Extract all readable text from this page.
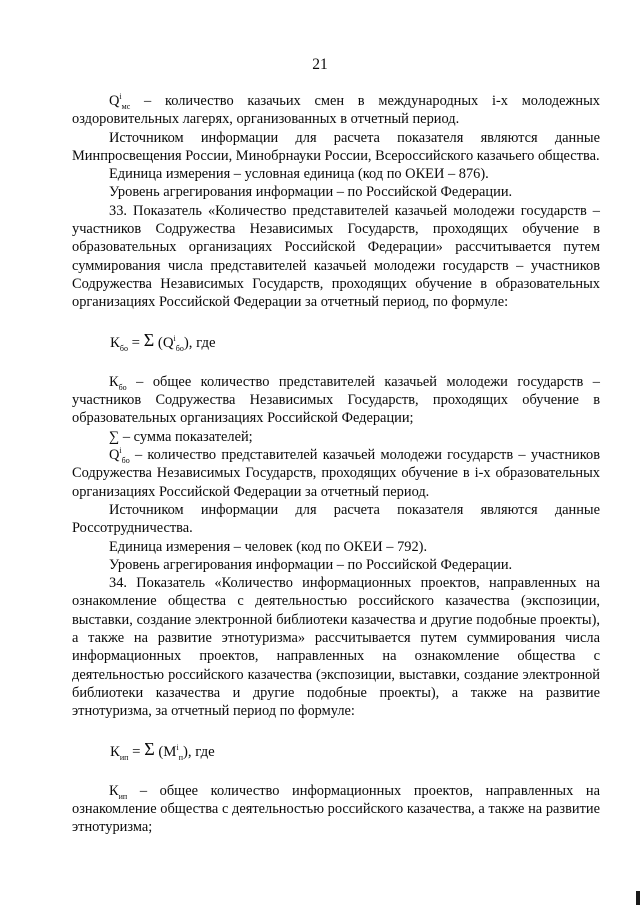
21

$Q^i_{мс}$ – количество казачьих смен в международных i-х молодежных оздоровительных лагерях, организованных в отчетный период.

Источником информации для расчета показателя являются данные Минпросвещения России, Минобрнауки России, Всероссийского казачьего общества.

Единица измерения – условная единица (код по ОКЕИ – 876).

Уровень агрегирования информации – по Российской Федерации.

33. Показатель «Количество представителей казачьей молодежи государств – участников Содружества Независимых Государств, проходящих обучение в образовательных организациях Российской Федерации» рассчитывается путем суммирования числа представителей казачьей молодежи государств – участников Содружества Независимых Государств, проходящих обучение в образовательных организациях Российской Федерации за отчетный период, по формуле:

$К_{бо} = \Sigma$ $(Q^i_{бо})$, где

$К_{бо}$ – общее количество представителей казачьей молодежи государств – участников Содружества Независимых Государств, проходящих обучение в образовательных организациях Российской Федерации;

∑ – сумма показателей;

$Q^i_{бо}$ – количество представителей казачьей молодежи государств – участников Содружества Независимых Государств, проходящих обучение в i-х образовательных организациях Российской Федерации за отчетный период.

Источником информации для расчета показателя являются данные Россотрудничества.

Единица измерения – человек (код по ОКЕИ – 792).

Уровень агрегирования информации – по Российской Федерации.

34. Показатель «Количество информационных проектов, направленных на ознакомление общества с деятельностью российского казачества (экспозиции, выставки, создание электронной библиотеки казачества и другие подобные проекты), а также на развитие этнотуризма» рассчитывается путем суммирования числа информационных проектов, направленных на ознакомление общества с деятельностью российского казачества (экспозиции, выставки, создание электронной библиотеки казачества и другие подобные проекты), а также на развитие этнотуризма, за отчетный период по формуле:

$К_{ип} = \Sigma$ $(M^i_п)$, где

$К_{ип}$ – общее количество информационных проектов, направленных на ознакомление общества с деятельностью российского казачества, а также на развитие этнотуризма;
